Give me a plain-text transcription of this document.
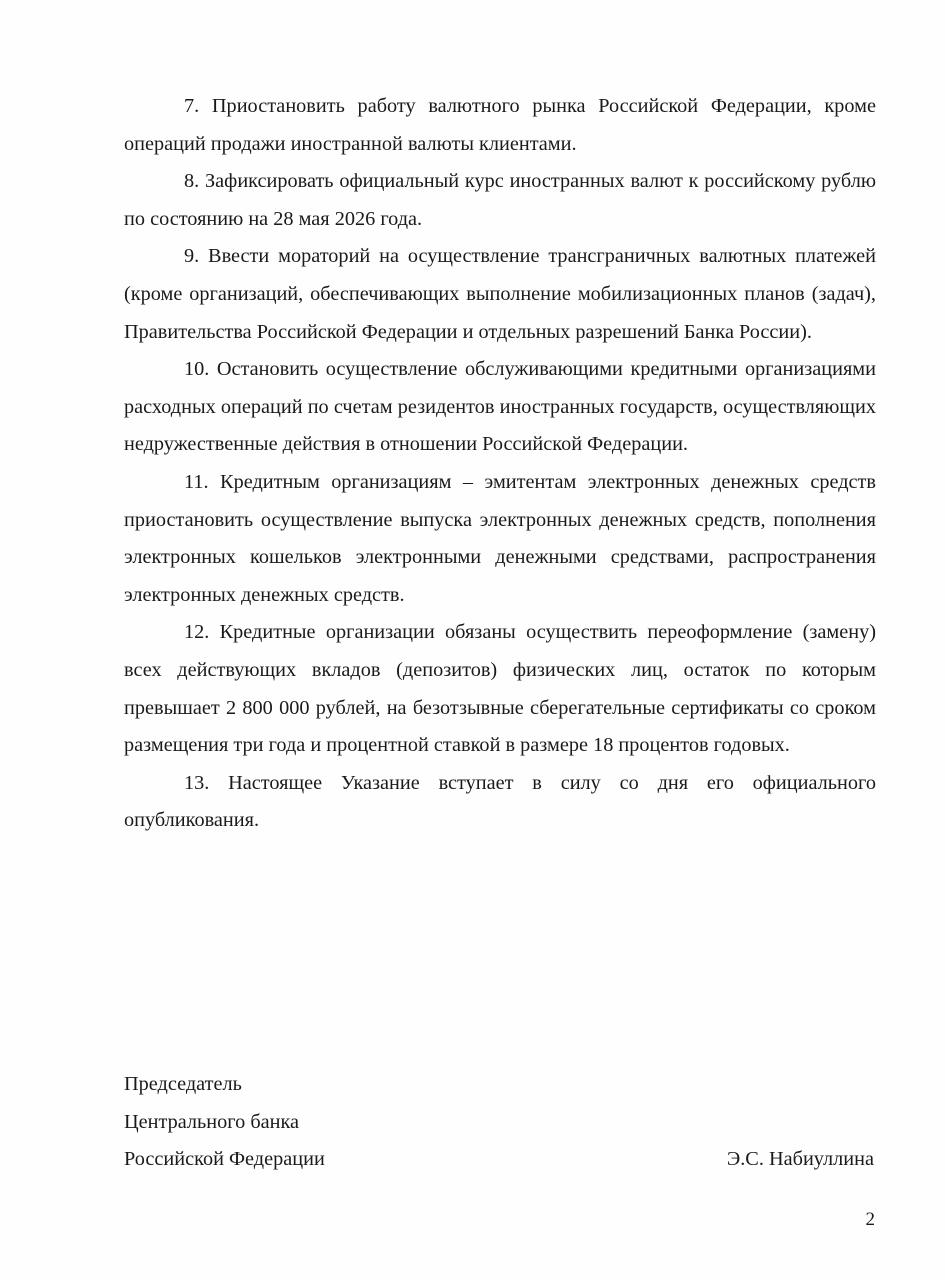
7. Приостановить работу валютного рынка Российской Федерации, кроме операций продажи иностранной валюты клиентами.

8. Зафиксировать официальный курс иностранных валют к российскому рублю по состоянию на 28 мая 2026 года.

9. Ввести мораторий на осуществление трансграничных валютных платежей (кроме организаций, обеспечивающих выполнение мобилизационных планов (задач), Правительства Российской Федерации и отдельных разрешений Банка России).

10. Остановить осуществление обслуживающими кредитными организациями расходных операций по счетам резидентов иностранных государств, осуществляющих недружественные действия в отношении Российской Федерации.

11. Кредитным организациям – эмитентам электронных денежных средств приостановить осуществление выпуска электронных денежных средств, пополнения электронных кошельков электронными денежными средствами, распространения электронных денежных средств.

12. Кредитные организации обязаны осуществить переоформление (замену) всех действующих вкладов (депозитов) физических лиц, остаток по которым превышает 2 800 000 рублей, на безотзывные сберегательные сертификаты со сроком размещения три года и процентной ставкой в размере 18 процентов годовых.

13. Настоящее Указание вступает в силу со дня его официального опубликования.

Председатель
Центрального банка
Российской Федерации	Э.С. Набиуллина
2
